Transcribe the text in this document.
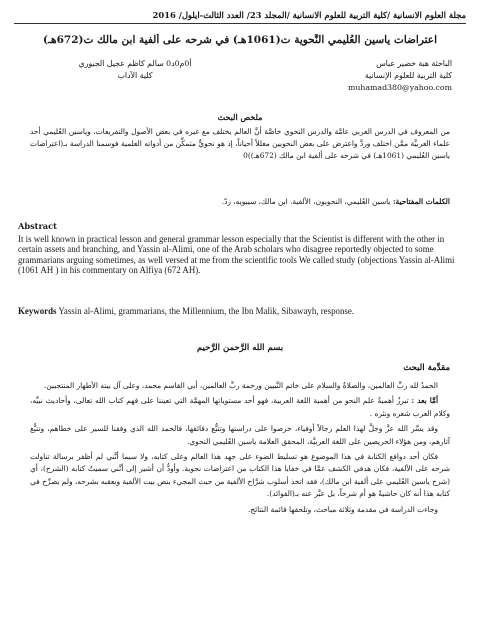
مجلة العلوم الانسانية /كلية التربية للعلوم الانسانية /المجلد 23/ العدد الثالث-ايلول/ 2016
اعتراضات ياسين العُلَيمي النَّحوية ت(1061هـ) في شرحه على ألفية ابن مالك ت(672هـ)
الباحثة هبة خضير عباس
كلية التربية للعلوم الإنسانية
muhamad380@yahoo.com
أ0م0د0 سالم كاظم عجيل الجبوري
كلية الآداب
ملخص البحث
من المعروف في الدرس العربي عامَّة والدرس النحوي خاصَّة أنَّ العالم يختلف مع غيره في بعض الأصول والتفريعات، وياسين العُليمي أحد علماء العربيَّة ممَّن اختلف وردَّ واعترض على بعض النحويين معللاً أحياناً، إذ هو نحويٌّ متمكِّن من أدواته العلمية فوسمنا الدراسة بـ(اعتراضات ياسين العُليمي (1061هـ) في شرحه على ألفية ابن مالك (672هـ))0
الكلمات المفتاحية: ياسين العُليمي، النحويون، الألفية، ابن مالك، سيبويه، ردّ.
Abstract
It is well known in practical lesson and general grammar lesson especially that the Scientist is different with the other in certain assets and branching, and Yassin al-Alimi, one of the Arab scholars who disagree reportedly objected to some grammarians arguing sometimes, as well versed at me from the scientific tools We called study (objections Yassin al-Alimi (1061 AH ) in his commentary on Alfiya (672 AH).
Keywords Yassin al-Alimi, grammarians, the Millennium, the Ibn Malik, Sibawayh, response.
بسم الله الرَّحمن الرَّحيم
مقدِّمة البحث

الحمدُ لله ربِّ العالمين، والصلاةُ والسلام على خاتم النَّبيين ورحمة ربِّ العالمين، أبي القاسم محمد، وعلى آل بيته الأطهار المنتجبين.

أمَّا بعد : تبرزُ أهميةُ علم النحو من أهمية اللغة العربية، فهو أحد مستوياتها المهمَّة التي تعيننا على فهم كتاب الله تعالى، وأحاديث نبيِّه، وكلام العرب شعره ونثره .

وقد يسَّر الله عزَّ وجلَّ لهذا العلم رجالاً أوفياء، حرصوا على دراستها وتتبُّع دقائقها، فالحمد الله الذي وفقنا للسير على خطاهم، وتتبُّع آثارهم، ومن هؤلاء الحريصين على اللغة العربيَّة، المحقق العلامة ياسين العُليمي النحوي.

فكان أحد دوافع الكتابة في هذا الموضوع هو تسليط الضوء على جهد هذا العالم وعلى كتابه، ولا سيما أنَّني لم أظفر برسالة تناولت شرحه على الألفية، فكان هدفي الكشف عمَّا في خفايا هذا الكتاب من اعتراضات نحوية. وأودُّ أن أشير إلى أنَّني سميتُ كتابه (الشرح)، أي (شرح ياسين العُليمي على ألفية ابن مالك)، فقد اتخذ أسلوب شرَّاح الألفية من حيث المجيء بنص بيت الألفية وبعقبه بشرحه، ولم يصرِّح في كتابه هذا أنه كان حاشيةً هو أم شرحاً، بل عبَّر عنه بـ(الفوائد).

وجاءت الدراسة في مقدمة وثلاثة مباحث، وتلحقها قائمة النتائج.
